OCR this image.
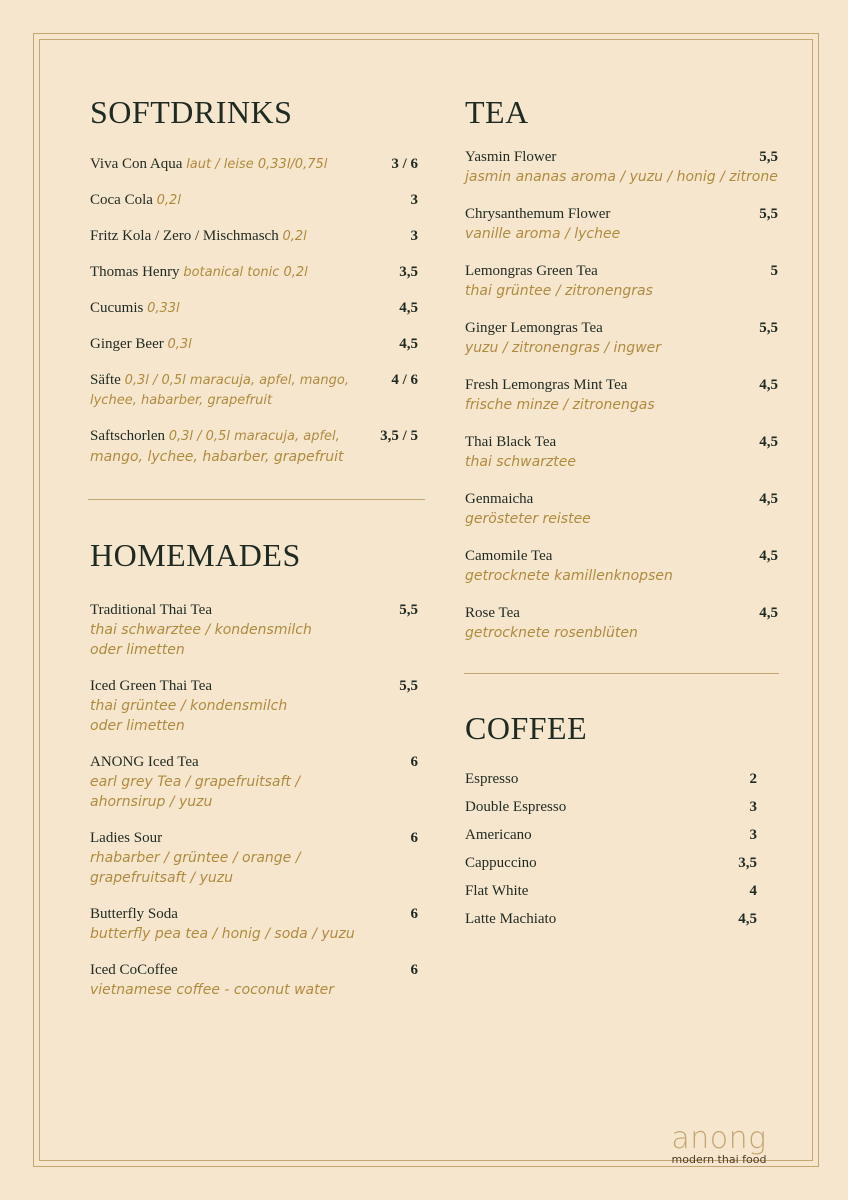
SOFTDRINKS
Viva Con Aqua laut / leise 0,33l/0,75l	3 / 6
Coca Cola 0,2l	3
Fritz Kola / Zero / Mischmasch 0,2l	3
Thomas Henry botanical tonic 0,2l	3,5
Cucumis 0,33l	4,5
Ginger Beer 0,3l	4,5
Säfte 0,3l / 0,5l maracuja, apfel, mango,
lychee, habarber, grapefruit
4 / 6
Saftschorlen 0,3l / 0,5l maracuja, apfel,
mango, lychee, habarber, grapefruit
3,5 / 5
HOMEMADES
Traditional Thai Tea
thai schwarztee / kondensmilch
oder limetten
5,5
Iced Green Thai Tea
thai grüntee / kondensmilch
oder limetten
5,5
ANONG Iced Tea
earl grey Tea / grapefruitsaft /
ahornsirup / yuzu
6
Ladies Sour
rhabarber / grüntee / orange /
grapefruitsaft / yuzu
6
Butterfly Soda
butterfly pea tea / honig / soda / yuzu
6
Iced CoCoffee
vietnamese coffee - coconut water
6
TEA
Yasmin Flower
jasmin ananas aroma / yuzu / honig / zitrone
5,5
Chrysanthemum Flower
vanille aroma / lychee
5,5
Lemongras Green Tea
thai grüntee / zitronengras
5
Ginger Lemongras Tea
yuzu / zitronengras / ingwer
5,5
Fresh Lemongras Mint Tea
frische minze / zitronengas
4,5
Thai Black Tea
thai schwarztee
4,5
Genmaicha
gerösteter reistee
4,5
Camomile Tea
getrocknete kamillenknopsen
4,5
Rose Tea
getrocknete rosenblüten
4,5
COFFEE
Espresso	2
Double Espresso	3
Americano	3
Cappuccino	3,5
Flat White	4
Latte Machiato	4,5
anong
modern thai food
